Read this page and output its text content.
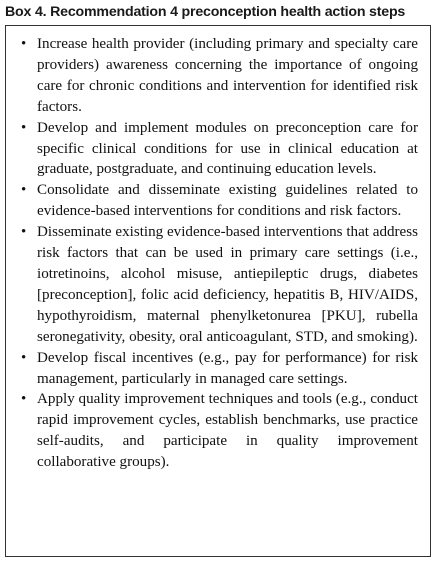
Box 4. Recommendation 4 preconception health action steps
• Increase health provider (including primary and specialty care providers) awareness concerning the importance of ongoing care for chronic conditions and intervention for identified risk factors.
• Develop and implement modules on preconception care for specific clinical conditions for use in clinical education at graduate, postgraduate, and continuing education levels.
• Consolidate and disseminate existing guidelines related to evidence-based interventions for conditions and risk factors.
• Disseminate existing evidence-based interventions that address risk factors that can be used in primary care settings (i.e., iotretinoins, alcohol misuse, antiepileptic drugs, diabetes [preconception], folic acid deficiency, hepatitis B, HIV/AIDS, hypothyroidism, maternal phenylketonurea [PKU], rubella seronegativity, obesity, oral anticoagulant, STD, and smoking).
• Develop fiscal incentives (e.g., pay for performance) for risk management, particularly in managed care settings.
• Apply quality improvement techniques and tools (e.g., conduct rapid improvement cycles, establish benchmarks, use practice self-audits, and participate in quality improvement collaborative groups).
